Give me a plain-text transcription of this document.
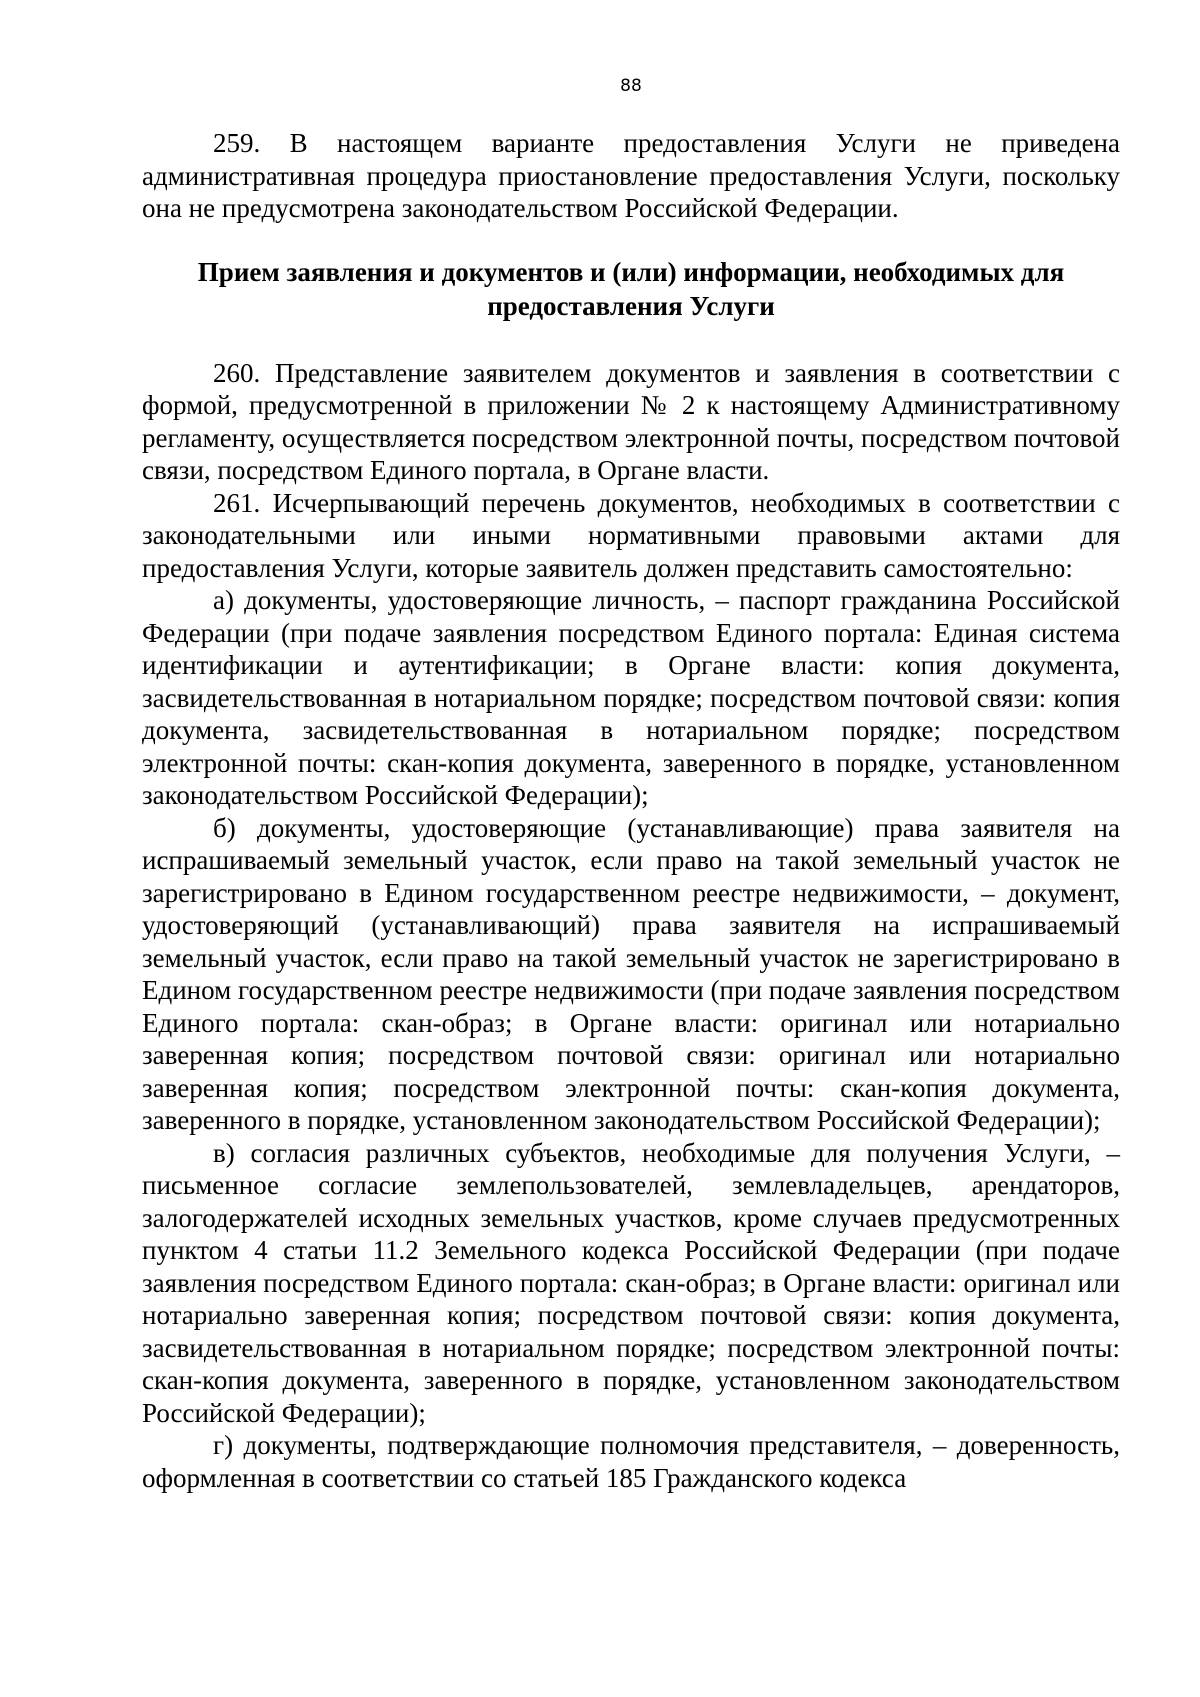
88

259. В настоящем варианте предоставления Услуги не приведена административная процедура приостановление предоставления Услуги, поскольку она не предусмотрена законодательством Российской Федерации.

Прием заявления и документов и (или) информации, необходимых для
предоставления Услуги

260. Представление заявителем документов и заявления в соответствии с формой, предусмотренной в приложении № 2 к настоящему Административному регламенту, осуществляется посредством электронной почты, посредством почтовой связи, посредством Единого портала, в Органе власти.

261. Исчерпывающий перечень документов, необходимых в соответствии с законодательными или иными нормативными правовыми актами для предоставления Услуги, которые заявитель должен представить самостоятельно:

а) документы, удостоверяющие личность, – паспорт гражданина Российской Федерации (при подаче заявления посредством Единого портала: Единая система идентификации и аутентификации; в Органе власти: копия документа, засвидетельствованная в нотариальном порядке; посредством почтовой связи: копия документа, засвидетельствованная в нотариальном порядке; посредством электронной почты: скан-копия документа, заверенного в порядке, установленном законодательством Российской Федерации);

б) документы, удостоверяющие (устанавливающие) права заявителя на испрашиваемый земельный участок, если право на такой земельный участок не зарегистрировано в Едином государственном реестре недвижимости, – документ, удостоверяющий (устанавливающий) права заявителя на испрашиваемый земельный участок, если право на такой земельный участок не зарегистрировано в Едином государственном реестре недвижимости (при подаче заявления посредством Единого портала: скан-образ; в Органе власти: оригинал или нотариально заверенная копия; посредством почтовой связи: оригинал или нотариально заверенная копия; посредством электронной почты: скан-копия документа, заверенного в порядке, установленном законодательством Российской Федерации);

в) согласия различных субъектов, необходимые для получения Услуги, – письменное согласие землепользователей, землевладельцев, арендаторов, залогодержателей исходных земельных участков, кроме случаев предусмотренных пунктом 4 статьи 11.2 Земельного кодекса Российской Федерации (при подаче заявления посредством Единого портала: скан-образ; в Органе власти: оригинал или нотариально заверенная копия; посредством почтовой связи: копия документа, засвидетельствованная в нотариальном порядке; посредством электронной почты: скан-копия документа, заверенного в порядке, установленном законодательством Российской Федерации);

г) документы, подтверждающие полномочия представителя, – доверенность, оформленная в соответствии со статьей 185 Гражданского кодекса
